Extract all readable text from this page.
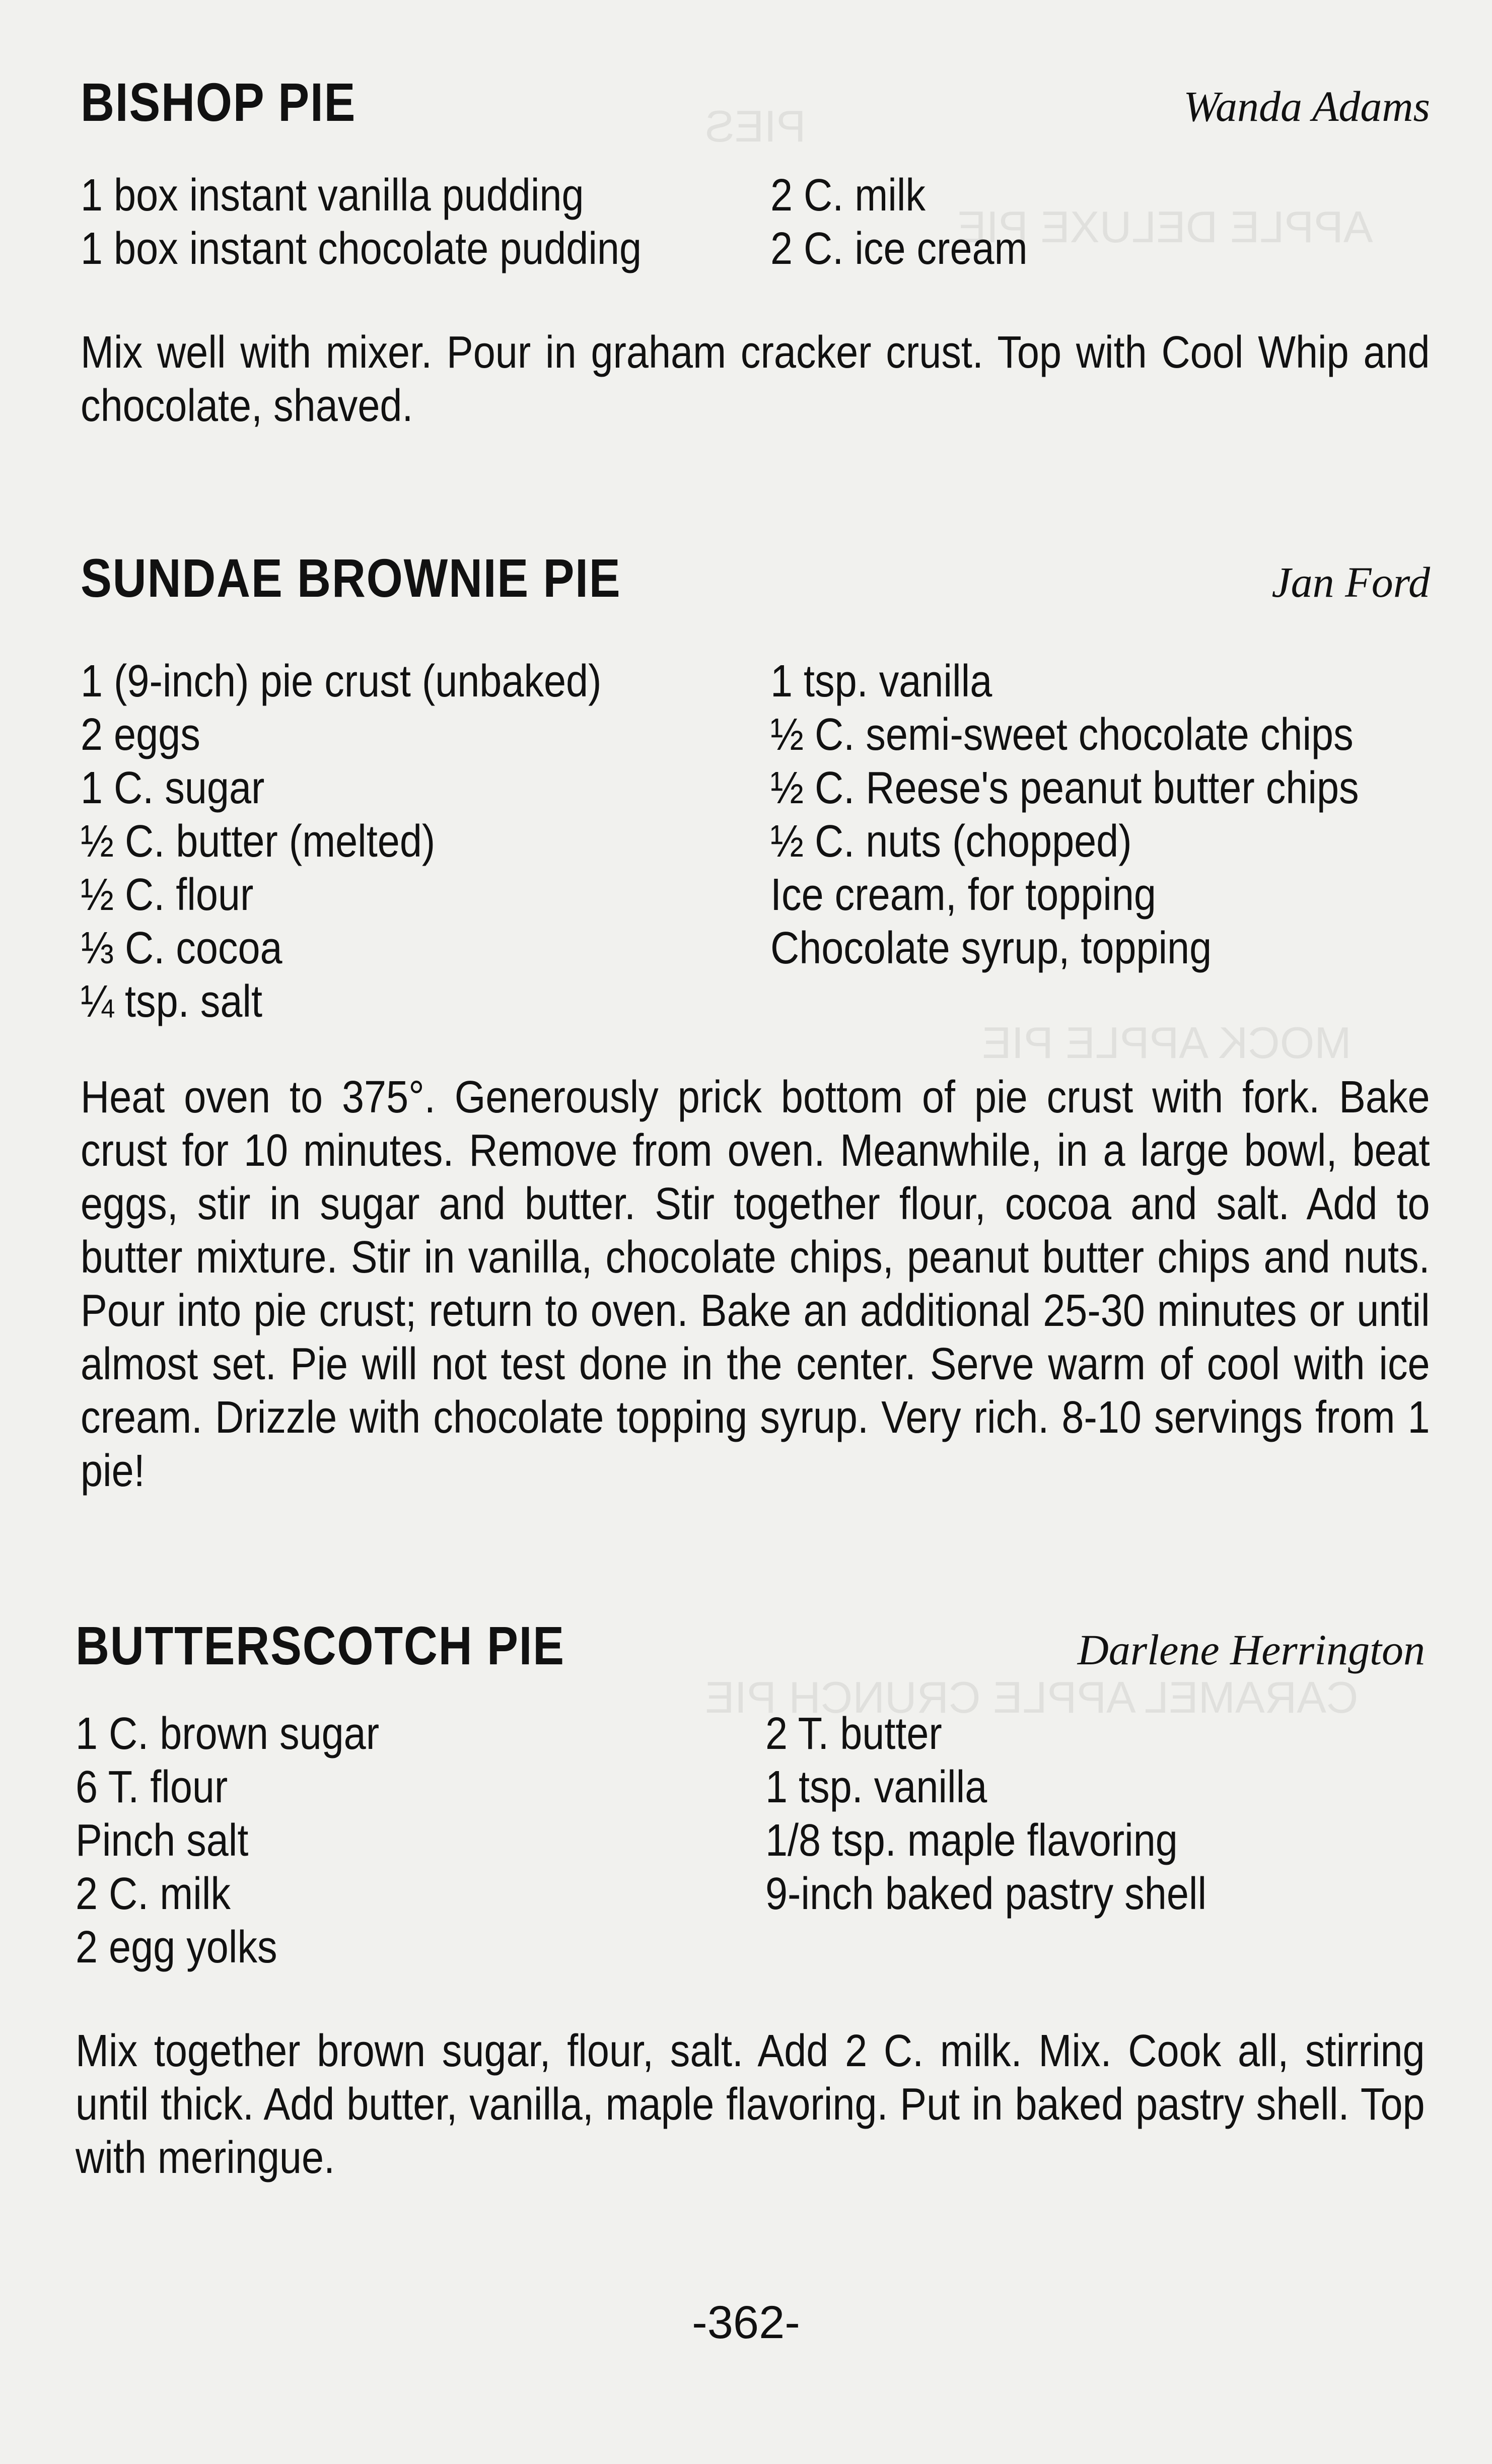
PIES
APPLE DELUXE PIE
MOCK APPLE PIE
CARAMEL APPLE CRUNCH PIE
BISHOP PIE	Wanda Adams
1 box instant vanilla pudding
1 box instant chocolate pudding
2 C. milk
2 C. ice cream
Mix well with mixer. Pour in graham cracker crust. Top with Cool Whip and chocolate, shaved.
SUNDAE BROWNIE PIE	Jan Ford
1 (9-inch) pie crust (unbaked)
2 eggs
1 C. sugar
½ C. butter (melted)
½ C. flour
⅓ C. cocoa
¼ tsp. salt
1 tsp. vanilla
½ C. semi-sweet chocolate chips
½ C. Reese's peanut butter chips
½ C. nuts (chopped)
Ice cream, for topping
Chocolate syrup, topping
Heat oven to 375°. Generously prick bottom of pie crust with fork. Bake crust for 10 minutes. Remove from oven. Meanwhile, in a large bowl, beat eggs, stir in sugar and butter. Stir together flour, cocoa and salt. Add to butter mixture. Stir in vanilla, chocolate chips, peanut butter chips and nuts. Pour into pie crust; return to oven. Bake an additional 25-30 minutes or until almost set. Pie will not test done in the center. Serve warm of cool with ice cream. Drizzle with chocolate topping syrup. Very rich. 8-10 servings from 1 pie!
BUTTERSCOTCH PIE	Darlene Herrington
1 C. brown sugar
6 T. flour
Pinch salt
2 C. milk
2 egg yolks
2 T. butter
1 tsp. vanilla
1/8 tsp. maple flavoring
9-inch baked pastry shell
Mix together brown sugar, flour, salt. Add 2 C. milk. Mix. Cook all, stirring until thick. Add butter, vanilla, maple flavoring. Put in baked pastry shell. Top with meringue.
-362-
